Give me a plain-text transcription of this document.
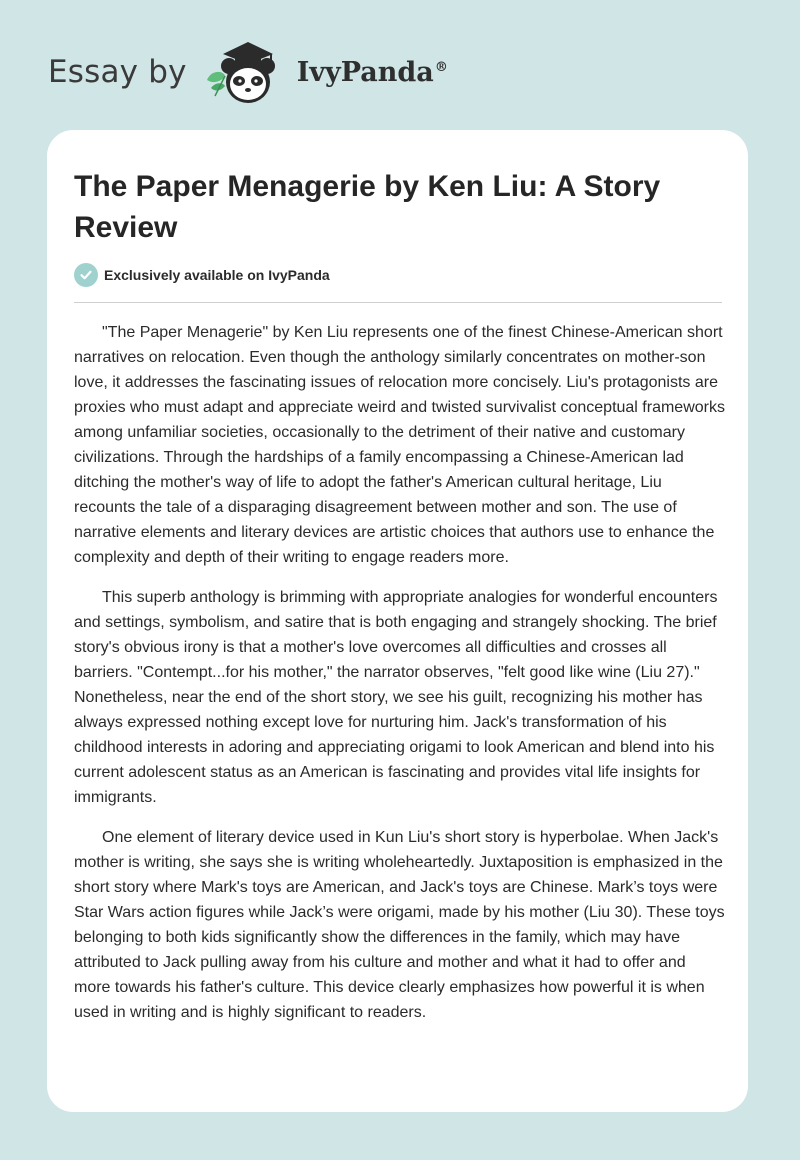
Essay by	IvyPanda®
The Paper Menagerie by Ken Liu: A Story Review
Exclusively available on IvyPanda

"The Paper Menagerie" by Ken Liu represents one of the finest Chinese-American short narratives on relocation. Even though the anthology similarly concentrates on mother-son love, it addresses the fascinating issues of relocation more concisely. Liu's protagonists are proxies who must adapt and appreciate weird and twisted survivalist conceptual frameworks among unfamiliar societies, occasionally to the detriment of their native and customary civilizations. Through the hardships of a family encompassing a Chinese-American lad ditching the mother's way of life to adopt the father's American cultural heritage, Liu recounts the tale of a disparaging disagreement between mother and son. The use of narrative elements and literary devices are artistic choices that authors use to enhance the complexity and depth of their writing to engage readers more.

This superb anthology is brimming with appropriate analogies for wonderful encounters and settings, symbolism, and satire that is both engaging and strangely shocking. The brief story's obvious irony is that a mother's love overcomes all difficulties and crosses all barriers. "Contempt...for his mother," the narrator observes, "felt good like wine (Liu 27)." Nonetheless, near the end of the short story, we see his guilt, recognizing his mother has always expressed nothing except love for nurturing him. Jack's transformation of his childhood interests in adoring and appreciating origami to look American and blend into his current adolescent status as an American is fascinating and provides vital life insights for immigrants.

One element of literary device used in Kun Liu's short story is hyperbolae. When Jack's mother is writing, she says she is writing wholeheartedly. Juxtaposition is emphasized in the short story where Mark's toys are American, and Jack's toys are Chinese. Mark’s toys were Star Wars action figures while Jack’s were origami, made by his mother (Liu 30). These toys belonging to both kids significantly show the differences in the family, which may have attributed to Jack pulling away from his culture and mother and what it had to offer and more towards his father's culture. This device clearly emphasizes how powerful it is when used in writing and is highly significant to readers.
